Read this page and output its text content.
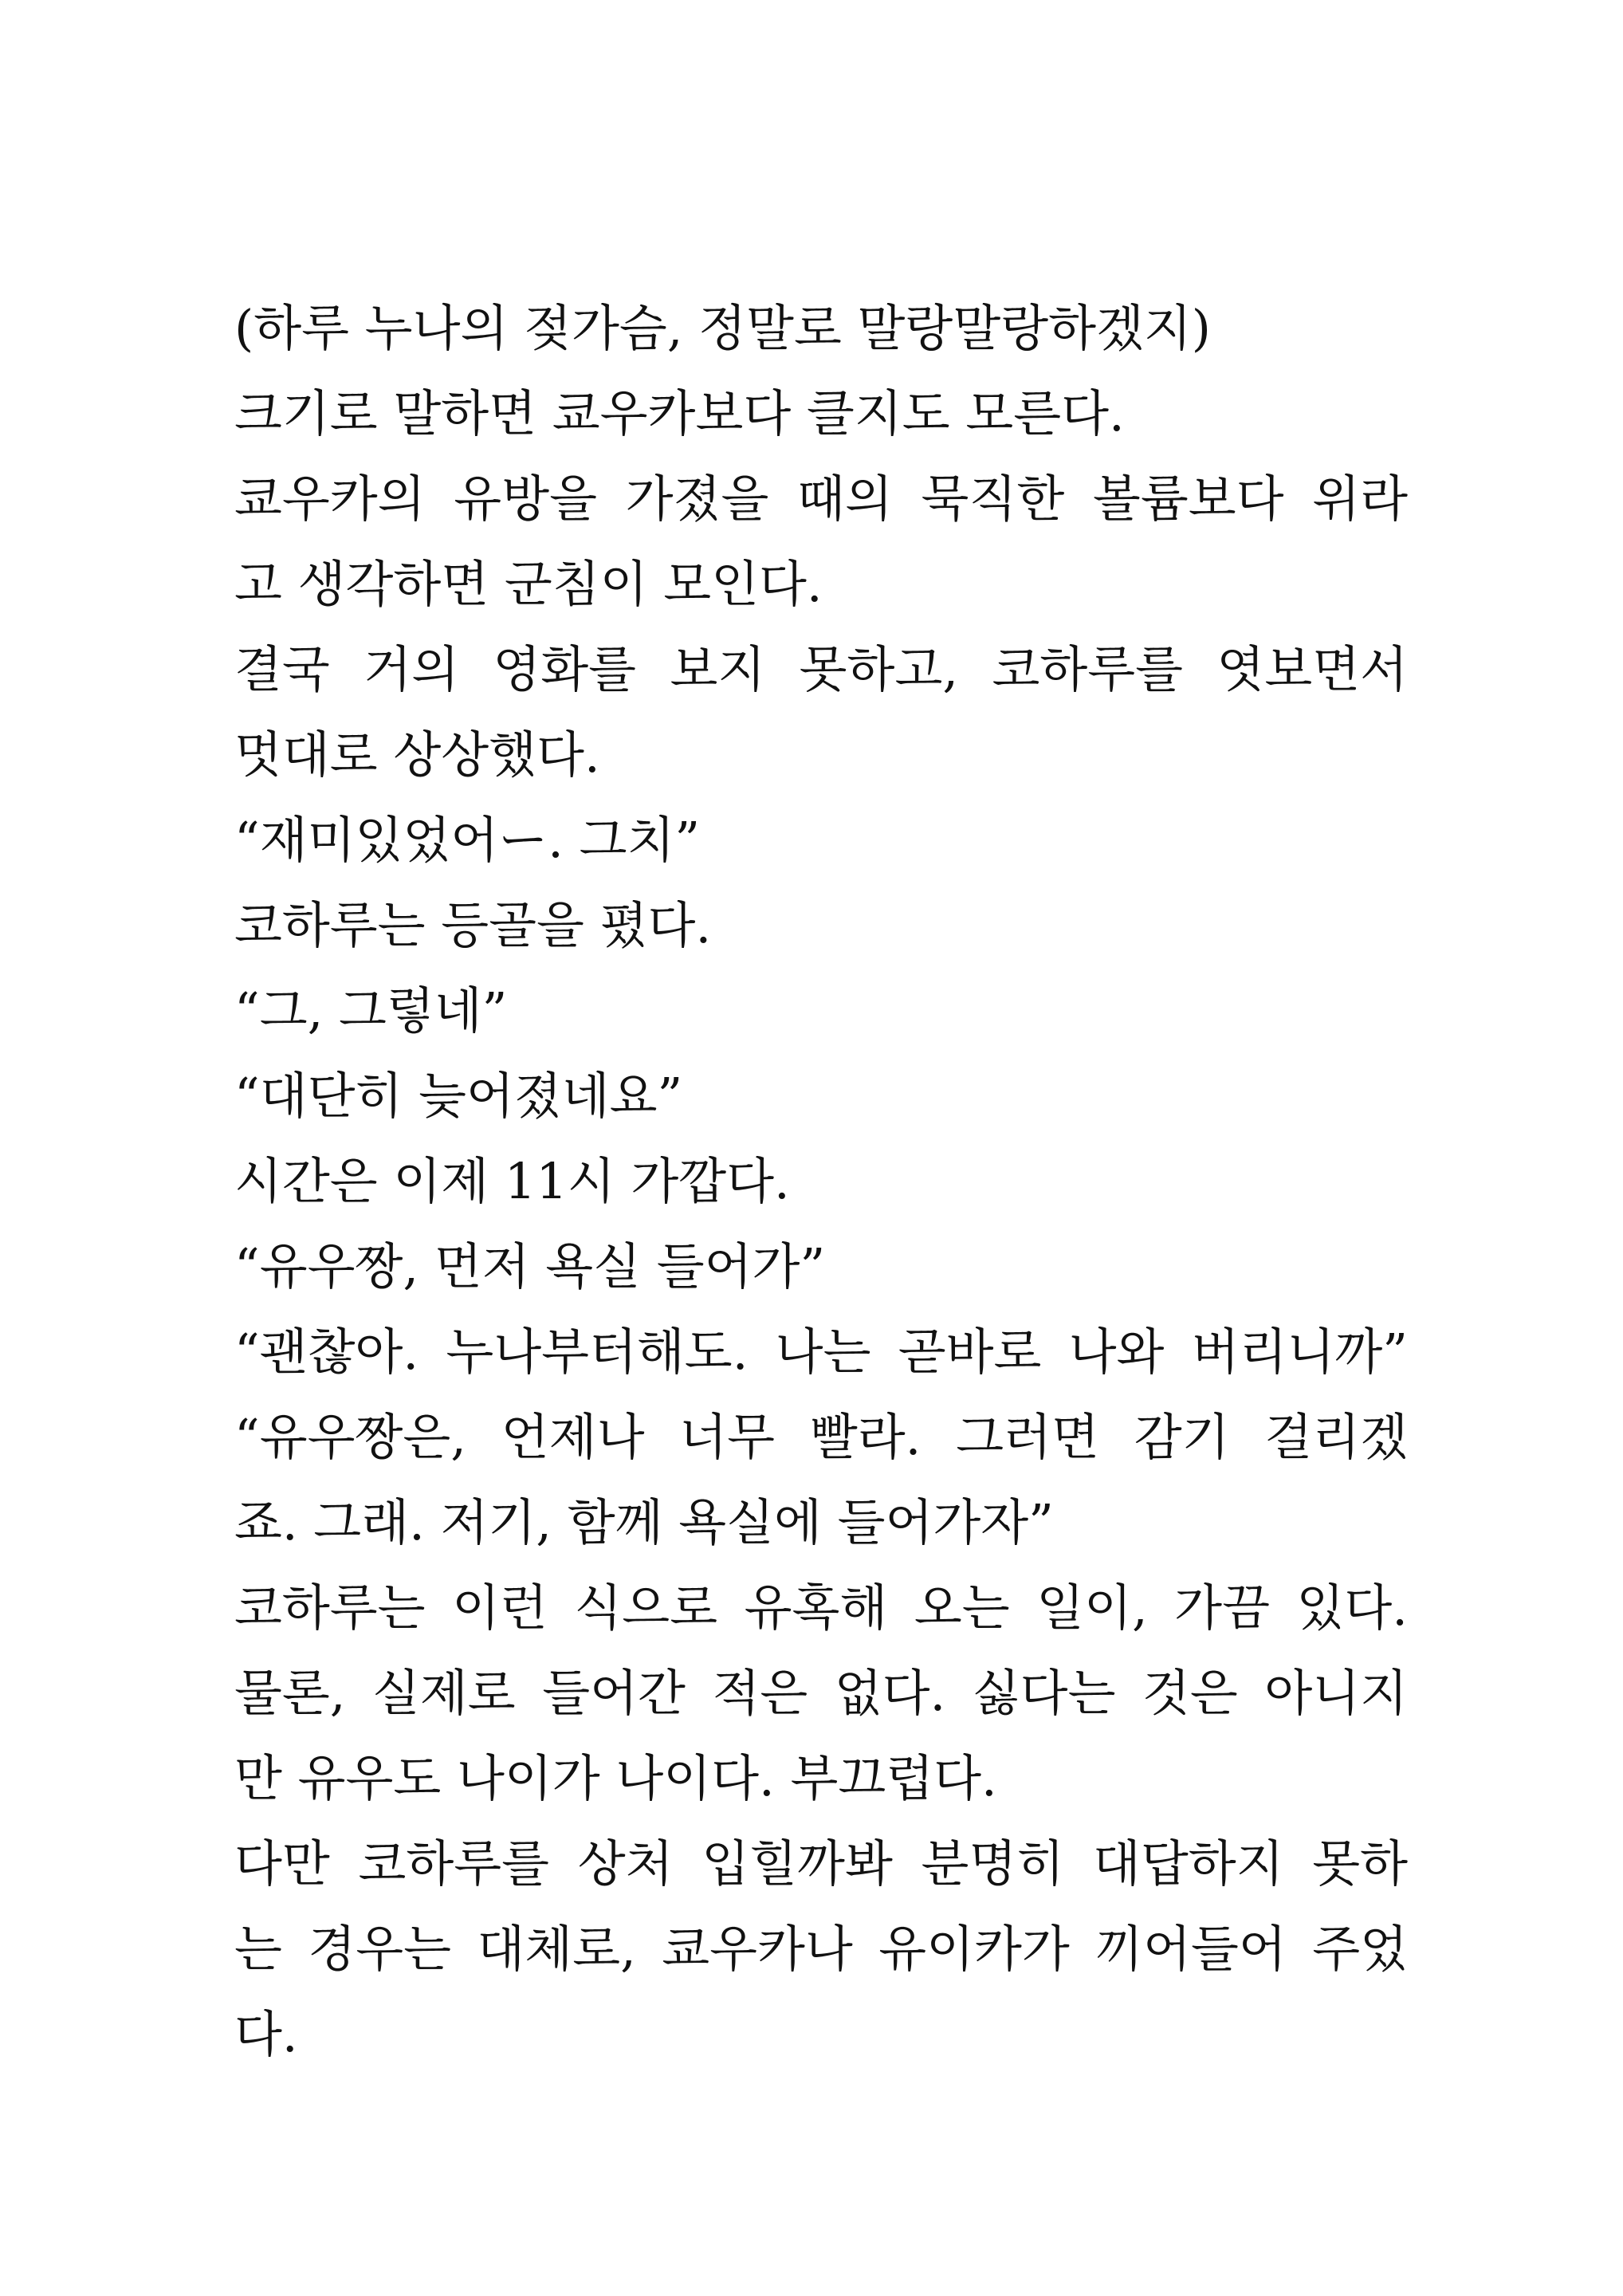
(하루 누나의 젖가슴, 정말로 말랑말랑하겠지)
크기로 말하면 쿄우카보다 클지도 모른다.
쿄우카의 유방을 가졌을 때의 묵직한 볼륨보다 위라
고 생각하면 군침이 모인다.
결국 거의 영화를 보지 못하고, 코하루를 엿보면서
멋대로 상상했다.
“재미있었어ー. 그치”
코하루는 등골을 폈다.
“그, 그렇네”
“대단히 늦어졌네요”
시간은 이제 11시 가깝다.
“유우짱, 먼저 욕실 들어가”
“괜찮아. 누나부터해도. 나는 곧바로 나와 버리니까”
“유우짱은, 언제나 너무 빨라. 그러면 감기 걸리겠
죠. 그래. 저기, 함께 욕실에 들어가자”
코하루는 이런 식으로 유혹해 오는 일이, 가끔 있다.
물론, 실제로 들어간 적은 없다. 싫다는 것은 아니지
만 유우도 나이가 나이다. 부끄럽다.
다만 코하루를 상처 입힐까봐 분명히 대답하지 못하
는 경우는 대체로, 쿄우카나 유이카가 끼어들어 주었
다.
